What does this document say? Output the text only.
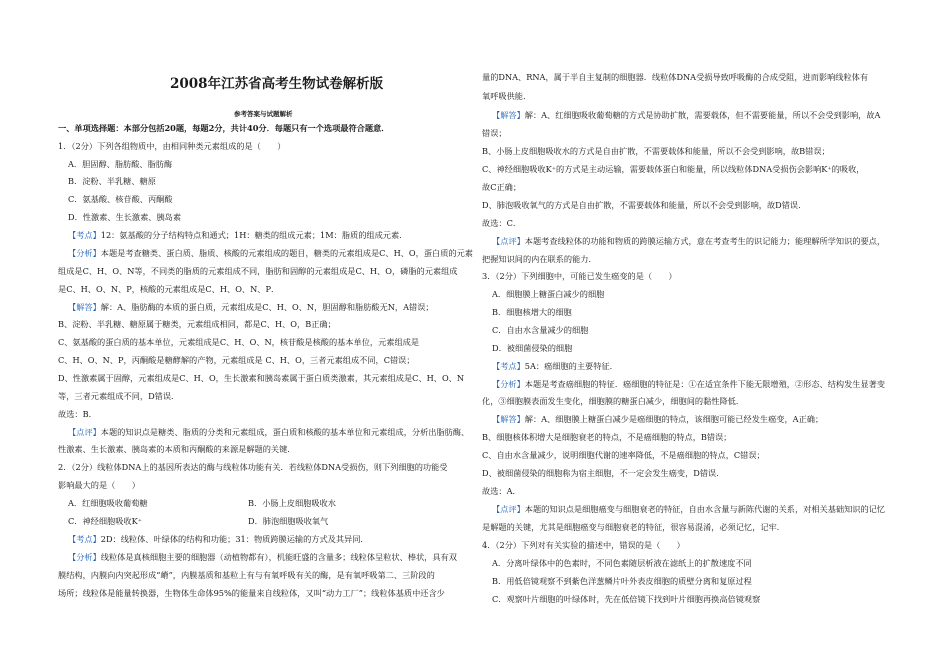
2008年江苏省高考生物试卷解析版
参考答案与试题解析
一、单项选择题：本部分包括20题，每题2分，共计40分．每题只有一个选项最符合题意．
1．（2分）下列各组物质中，由相同种类元素组成的是（　　）
A．胆固醇、脂肪酸、脂肪酶
B．淀粉、半乳糖、糖原
C．氨基酸、核苷酸、丙酮酸
D．性激素、生长激素、胰岛素
【考点】12：氨基酸的分子结构特点和通式；1H：糖类的组成元素；1M：脂质的组成元素．
【分析】本题是考查糖类、蛋白质、脂质、核酸的元素组成的题目，糖类的元素组成是C、H、O，蛋白质的元素
组成是C、H、O、N等，不同类的脂质的元素组成不同，脂肪和固醇的元素组成是C、H、O，磷脂的元素组成
是C、H、O、N、P，核酸的元素组成是C、H、O、N、P．
【解答】解：A、脂肪酶的本质的蛋白质，元素组成是C、H、O、N，胆固醇和脂肪酸无N，A错误；
B、淀粉、半乳糖、糖原属于糖类，元素组成相同，都是C、H、O，B正确；
C、氨基酸的蛋白质的基本单位，元素组成是C、H、O、N，核苷酸是核酸的基本单位，元素组成是
C、H、O、N、P，丙酮酸是糖酵解的产物，元素组成是 C、H、O，三者元素组成不同，C错误；
D、性激素属于固醇，元素组成是C、H、O，生长激素和胰岛素属于蛋白质类激素，其元素组成是C、H、O、N
等，三者元素组成不同，D错误．
故选：B．
【点评】本题的知识点是糖类、脂质的分类和元素组成，蛋白质和核酸的基本单位和元素组成，分析出脂肪酶、
性激素、生长激素、胰岛素的本质和丙酮酸的来源是解题的关键．
2．（2分）线粒体DNA上的基因所表达的酶与线粒体功能有关．若线粒体DNA受损伤，则下列细胞的功能受
影响最大的是（　　）
A．红细胞吸收葡萄糖	B．小肠上皮细胞吸收水
C．神经细胞吸收K⁺	D．肺泡细胞吸收氧气
【考点】2D：线粒体、叶绿体的结构和功能；31：物质跨膜运输的方式及其异同．
【分析】线粒体是真核细胞主要的细胞器（动植物都有），机能旺盛的含量多；线粒体呈粒状、棒状，具有双
膜结构，内膜向内突起形成“嵴”，内膜基质和基粒上有与有氧呼吸有关的酶，是有氧呼吸第二、三阶段的
场所；线粒体是能量转换器，生物体生命体95%的能量来自线粒体，又叫“动力工厂”；线粒体基质中还含少
量的DNA、RNA，属于半自主复制的细胞器．线粒体DNA受损导致呼吸酶的合成受阻，进而影响线粒体有
氧呼吸供能．
【解答】解：A、红细胞吸收葡萄糖的方式是协助扩散，需要载体，但不需要能量，所以不会受到影响，故A
错误；
B、小肠上皮细胞吸收水的方式是自由扩散，不需要载体和能量，所以不会受到影响，故B错误；
C、神经细胞吸收K⁺的方式是主动运输，需要载体蛋白和能量，所以线粒体DNA受损伤会影响K⁺的吸收，
故C正确；
D、肺泡吸收氧气的方式是自由扩散，不需要载体和能量，所以不会受到影响，故D错误．
故选：C．
【点评】本题考查线粒体的功能和物质的跨膜运输方式，意在考查考生的识记能力；能理解所学知识的要点，
把握知识间的内在联系的能力．
3．（2分）下列细胞中，可能已发生癌变的是（　　）
A．细胞膜上糖蛋白减少的细胞
B．细胞核增大的细胞
C．自由水含量减少的细胞
D．被细菌侵染的细胞
【考点】5A：癌细胞的主要特征．
【分析】本题是考查癌细胞的特征．癌细胞的特征是：①在适宜条件下能无限增殖，②形态、结构发生显著变
化，③细胞膜表面发生变化，细胞膜的糖蛋白减少，细胞间的黏性降低．
【解答】解：A、细胞膜上糖蛋白减少是癌细胞的特点，该细胞可能已经发生癌变，A正确；
B、细胞核体积增大是细胞衰老的特点，不是癌细胞的特点，B错误；
C、自由水含量减少，说明细胞代谢的速率降低，不是癌细胞的特点，C错误；
D、被细菌侵染的细胞称为宿主细胞，不一定会发生癌变，D错误．
故选：A．
【点评】本题的知识点是细胞癌变与细胞衰老的特征，自由水含量与新陈代谢的关系，对相关基础知识的记忆
是解题的关键，尤其是细胞癌变与细胞衰老的特征，很容易混淆，必须记忆，记牢．
4．（2分）下列对有关实验的描述中，错误的是（　　）
A．分离叶绿体中的色素时，不同色素随层析液在滤纸上的扩散速度不同
B．用低倍镜观察不到紫色洋葱鳞片叶外表皮细胞的质壁分离和复原过程
C．观察叶片细胞的叶绿体时，先在低倍镜下找到叶片细胞再换高倍镜观察
